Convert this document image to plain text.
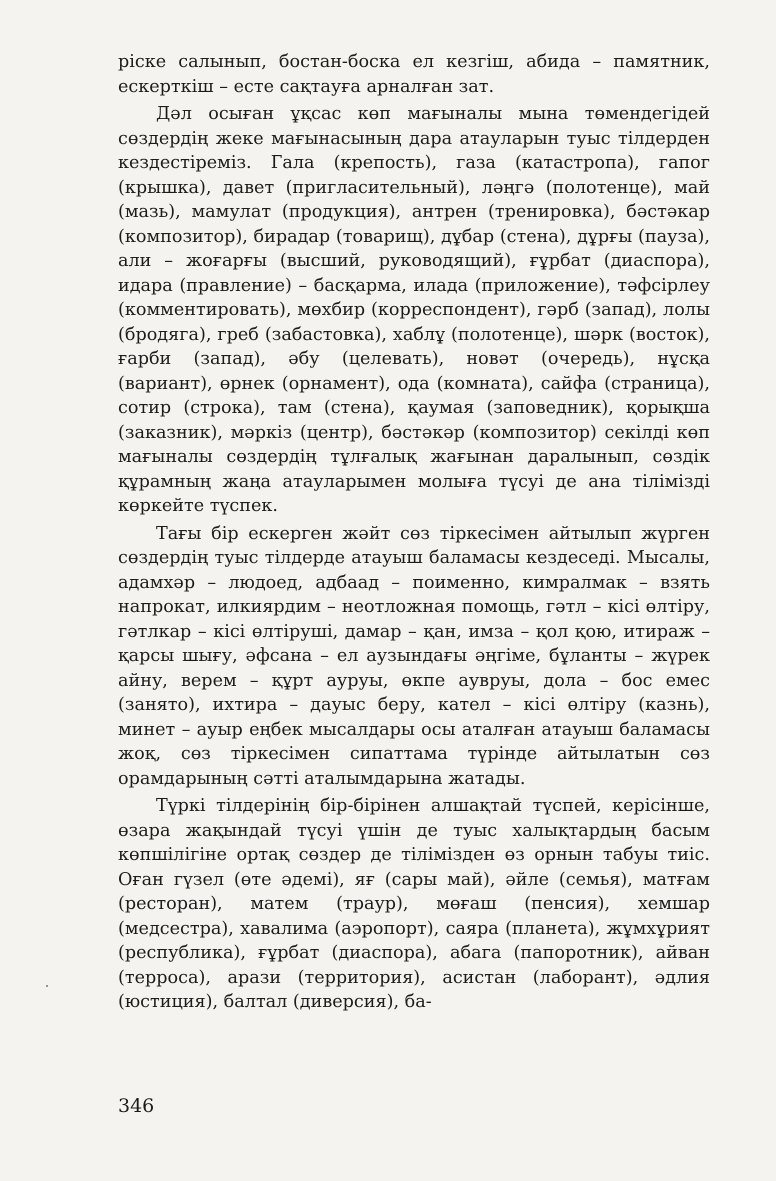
ріске салынып, бостан-боска ел кезгіш, абида – памятник, ескерткіш – есте сақтауға арналған зат.

Дәл осыған ұқсас көп мағыналы мына төмендегідей сөздердің жеке мағынасының дара атауларын туыс тілдерден кездестіреміз. Гала (крепость), газа (катастропа), гапог (крышка), давет (пригласительный), ләңгә (полотенце), май (мазь), мамулат (продукция), антрен (тренировка), бәстәкар (композитор), бирадар (товарищ), дұбар (стена), дұрғы (пауза), али – жоғарғы (высший, руководящий), ғұрбат (диаспора), идара (правление) – басқарма, илада (приложение), тәфсірлеу (комментировать), мөхбир (корреспондент), гәрб (запад), лолы (бродяга), греб (забастовка), хаблұ (полотенце), шәрк (восток), ғарби (запад), әбу (целевать), новәт (очередь), нұсқа (вариант), өрнек (орнамент), ода (комната), сайфа (страница), сотир (строка), там (стена), қаумая (заповедник), қорықша (заказник), мәркіз (центр), бәстәкәр (композитор) секілді көп мағыналы сөздердің тұлғалық жағынан даралынып, сөздік құрамның жаңа атауларымен молыға түсуі де ана тілімізді көркейте түспек.

Тағы бір ескерген жәйт сөз тіркесімен айтылып жүрген сөздердің туыс тілдерде атауыш баламасы кездеседі. Мысалы, адамхәр – людоед, адбаад – поименно, кимралмак – взять напрокат, илкиярдим – неотложная помощь, гәтл – кісі өлтіру, гәтлкар – кісі өлтіруші, дамар – қан, имза – қол қою, итираж – қарсы шығу, әфсана – ел аузындағы әңгіме, бұланты – жүрек айну, верем – құрт ауруы, өкпе аувруы, дола – бос емес (занято), ихтира – дауыс беру, кател – кісі өлтіру (казнь), минет – ауыр еңбек мысалдары осы аталған атауыш баламасы жоқ, сөз тіркесімен сипаттама түрінде айтылатын сөз орамдарының сәтті аталымдарына жатады.

Түркі тілдерінің бір-бірінен алшақтай түспей, керісінше, өзара жақындай түсуі үшін де туыс халықтардың басым көпшілігіне ортақ сөздер де тілімізден өз орнын табуы тиіс. Оған гүзел (өте әдемі), яғ (сары май), әйле (семья), матғам (ресторан), матем (траур), мөғаш (пенсия), хемшар (медсестра), хавалима (аэропорт), саяра (планета), жұмхұрият (республика), ғұрбат (диаспора), абага (папоротник), айван (терроса), арази (территория), асистан (лаборант), әдлия (юстиция), балтал (диверсия), ба-

346
